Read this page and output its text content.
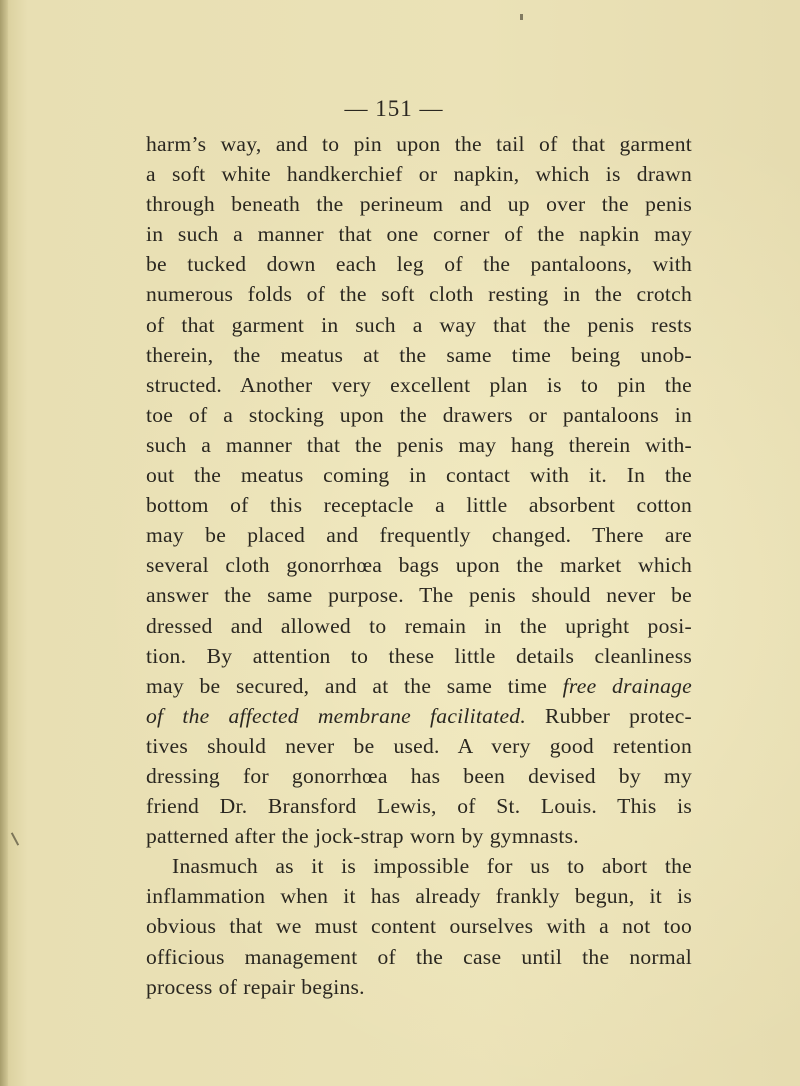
— 151 —
harm’s way, and to pin upon the tail of that garment
a soft white handkerchief or napkin, which is drawn
through beneath the perineum and up over the penis
in such a manner that one corner of the napkin may
be tucked down each leg of the pantaloons, with
numerous folds of the soft cloth resting in the crotch
of that garment in such a way that the penis rests
therein, the meatus at the same time being unob-
structed. Another very excellent plan is to pin the
toe of a stocking upon the drawers or pantaloons in
such a manner that the penis may hang therein with-
out the meatus coming in contact with it. In the
bottom of this receptacle a little absorbent cotton
may be placed and frequently changed. There are
several cloth gonorrhœa bags upon the market which
answer the same purpose. The penis should never be
dressed and allowed to remain in the upright posi-
tion. By attention to these little details cleanliness
may be secured, and at the same time free drainage
of the affected membrane facilitated. Rubber protec-
tives should never be used. A very good retention
dressing for gonorrhœa has been devised by my
friend Dr. Bransford Lewis, of St. Louis. This is
patterned after the jock-strap worn by gymnasts.
Inasmuch as it is impossible for us to abort the
inflammation when it has already frankly begun, it is
obvious that we must content ourselves with a not too
officious management of the case until the normal
process of repair begins.
